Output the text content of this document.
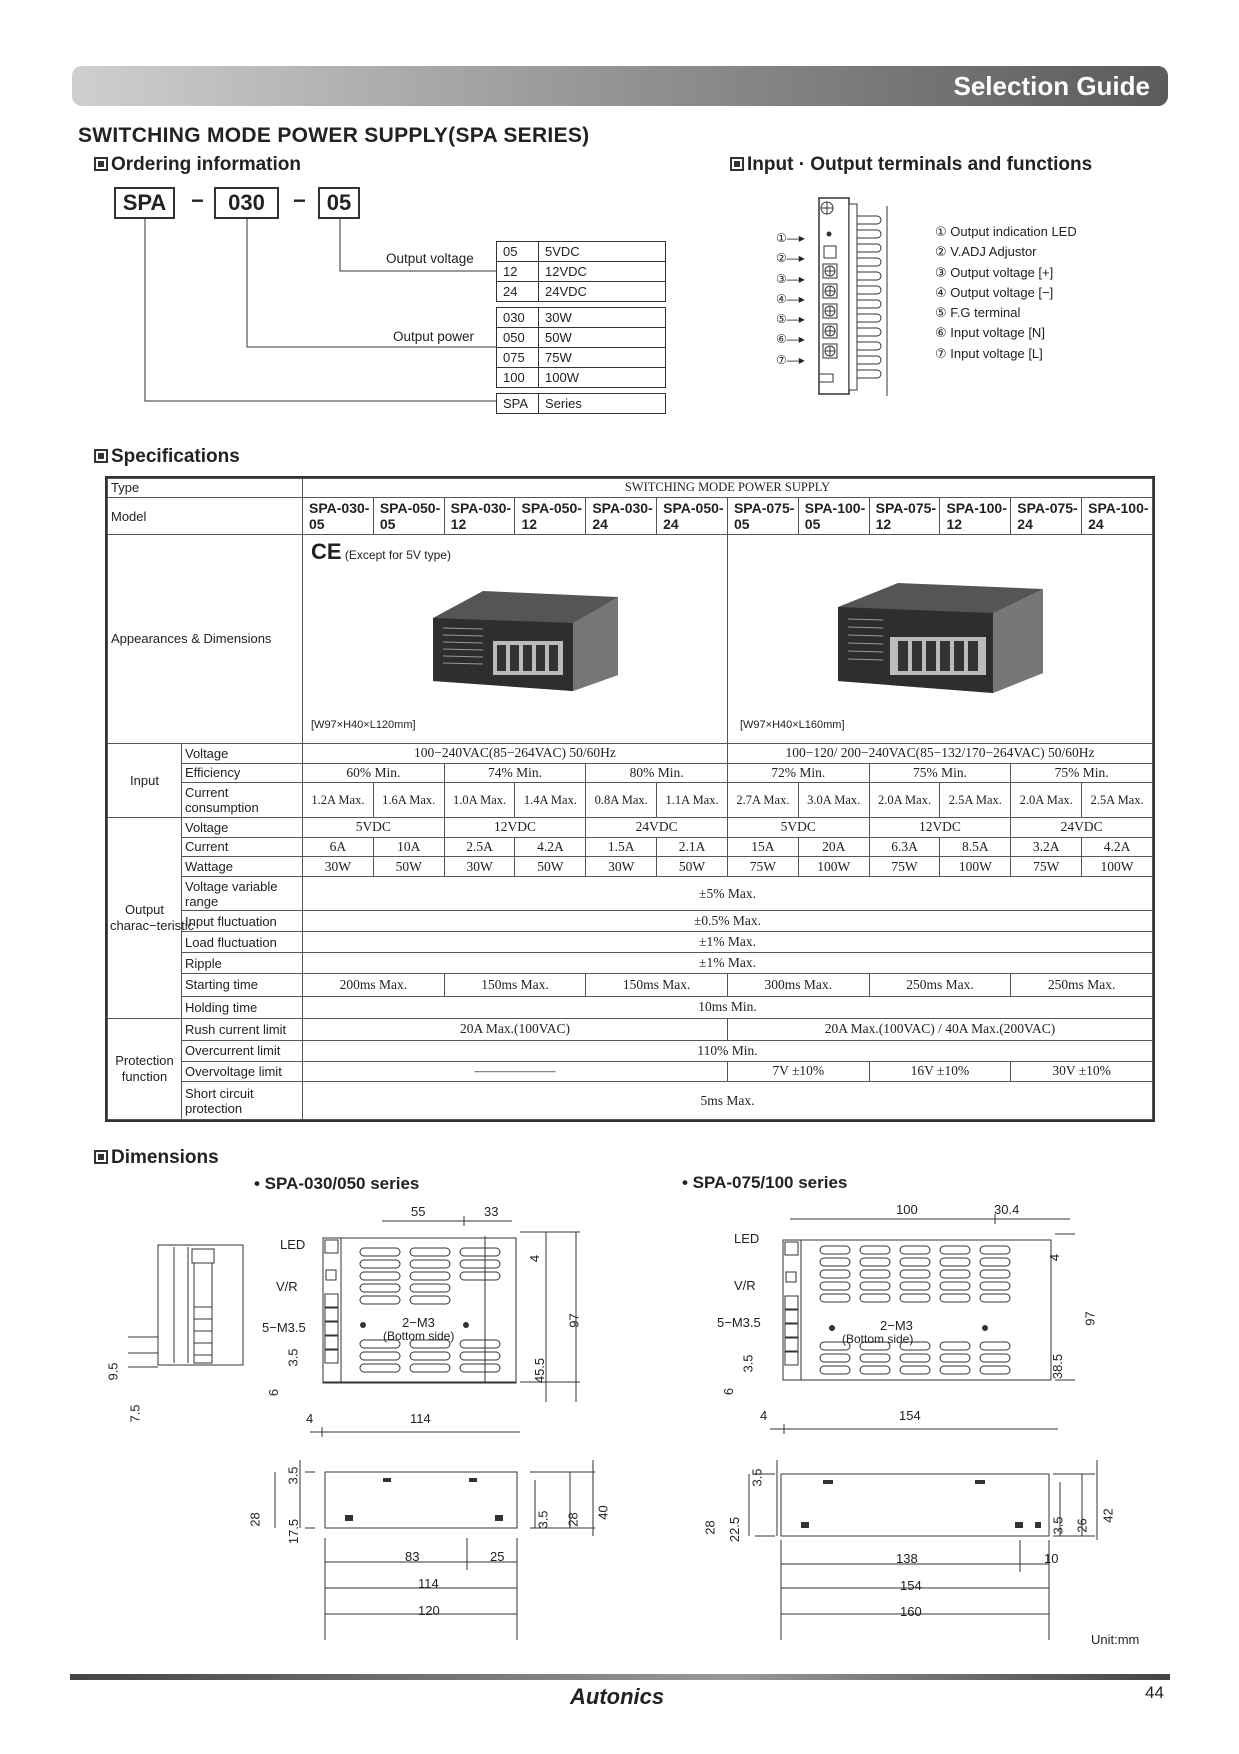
Selection Guide
SWITCHING MODE POWER SUPPLY(SPA SERIES)
Ordering information
SPA	−	030	− 05
Output voltage
Output power
05	5VDC
12	12VDC
24	24VDC
030	30W
050	50W
075	75W
100	100W
SPA	Series
Input · Output terminals and functions
①—▸
②—▸
③—▸
④—▸
⑤—▸
⑥—▸
⑦—▸
① Output indication LED
② V.ADJ Adjustor
③ Output voltage [+]
④ Output voltage [−]
⑤ F.G terminal
⑥ Input voltage [N]
⑦ Input voltage [L]
Specifications
Type		SWITCHING MODE POWER SUPPLY											
Model		SPA-030-05	SPA-050-05	SPA-030-12	SPA-050-12	SPA-030-24	SPA-050-24	SPA-075-05	SPA-100-05	SPA-075-12	SPA-100-12	SPA-075-24	SPA-100-24
Appearances & Dimensions		CE (Except for 5V type)
[W97×H40×L120mm]						[W97×H40×L160mm]					

Input	Voltage	100−240VAC(85−264VAC) 50/60Hz						100−120/ 200−240VAC(85−132/170−264VAC) 50/60Hz					
	Efficiency	60% Min.		74% Min.		80% Min.		72% Min.		75% Min.		75% Min.	
	Current consumption	1.2A Max.	1.6A Max.	1.0A Max.	1.4A Max.	0.8A Max.	1.1A Max.	2.7A Max.	3.0A Max.	2.0A Max.	2.5A Max.	2.0A Max.	2.5A Max.
Output charac−teristic	Voltage	5VDC		12VDC		24VDC		5VDC		12VDC		24VDC	
	Current	6A	10A	2.5A	4.2A	1.5A	2.1A	15A	20A	6.3A	8.5A	3.2A	4.2A
	Wattage	30W	50W	30W	50W	30W	50W	75W	100W	75W	100W	75W	100W
	Voltage variable range	±5% Max.											
	Input fluctuation	±0.5% Max.											
	Load fluctuation	±1% Max.											
	Ripple	±1% Max.											
	Starting time	200ms Max.		150ms Max.		150ms Max.		300ms Max.		250ms Max.		250ms Max.	
	Holding time	10ms Min.											
Protection function	Rush current limit	20A Max.(100VAC)						20A Max.(100VAC) / 40A Max.(200VAC)					
	Overcurrent limit	110% Min.											
	Overvoltage limit	——————						7V ±10%		16V ±10%		30V ±10%	
	Short circuit protection	5ms Max.											
Dimensions
• SPA-030/050 series	• SPA-075/100 series
55	33
LED
V/R
5−M3.5	2−M3
(Bottom side)
4
97
45.5
3.5
6
4	114
9.5
7.5
3.5
28 17.5	3.5 28 40
83	25
114
120
100	30.4
LED
V/R
5−M3.5	2−M3
(Bottom side)
4
97
38.5
3.5
6
4	154
3.5
28 22.5	3.5 26
42
138	10
154
160
Unit:mm
Autonics	44
